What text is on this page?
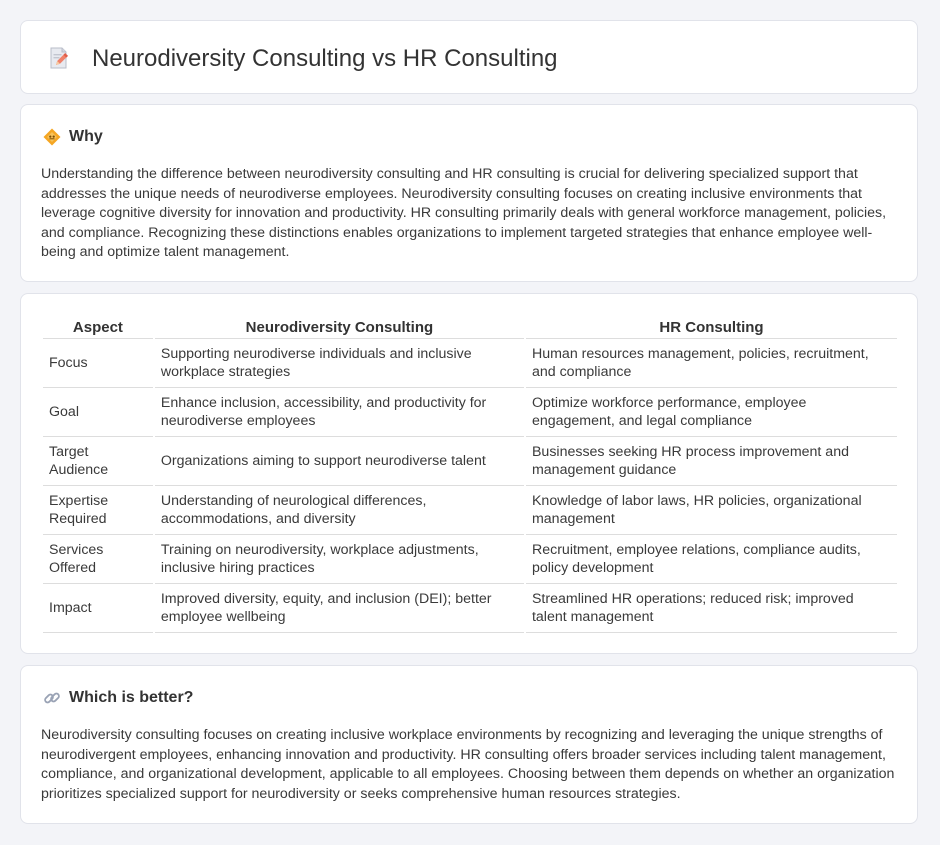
Neurodiversity Consulting vs HR Consulting
Why

Understanding the difference between neurodiversity consulting and HR consulting is crucial for delivering specialized support that addresses the unique needs of neurodiverse employees. Neurodiversity consulting focuses on creating inclusive environments that leverage cognitive diversity for innovation and productivity. HR consulting primarily deals with general workforce management, policies, and compliance. Recognizing these distinctions enables organizations to implement targeted strategies that enhance employee well-being and optimize talent management.

Aspect	Neurodiversity Consulting	HR Consulting
Focus	Supporting neurodiverse individuals and inclusive workplace strategies	Human resources management, policies, recruitment, and compliance
Goal	Enhance inclusion, accessibility, and productivity for neurodiverse employees	Optimize workforce performance, employee engagement, and legal compliance
Target Audience	Organizations aiming to support neurodiverse talent	Businesses seeking HR process improvement and management guidance
Expertise Required	Understanding of neurological differences, accommodations, and diversity	Knowledge of labor laws, HR policies, organizational management
Services Offered	Training on neurodiversity, workplace adjustments, inclusive hiring practices	Recruitment, employee relations, compliance audits, policy development
Impact	Improved diversity, equity, and inclusion (DEI); better employee wellbeing	Streamlined HR operations; reduced risk; improved talent management
Which is better?

Neurodiversity consulting focuses on creating inclusive workplace environments by recognizing and leveraging the unique strengths of neurodivergent employees, enhancing innovation and productivity. HR consulting offers broader services including talent management, compliance, and organizational development, applicable to all employees. Choosing between them depends on whether an organization prioritizes specialized support for neurodiversity or seeks comprehensive human resources strategies.
